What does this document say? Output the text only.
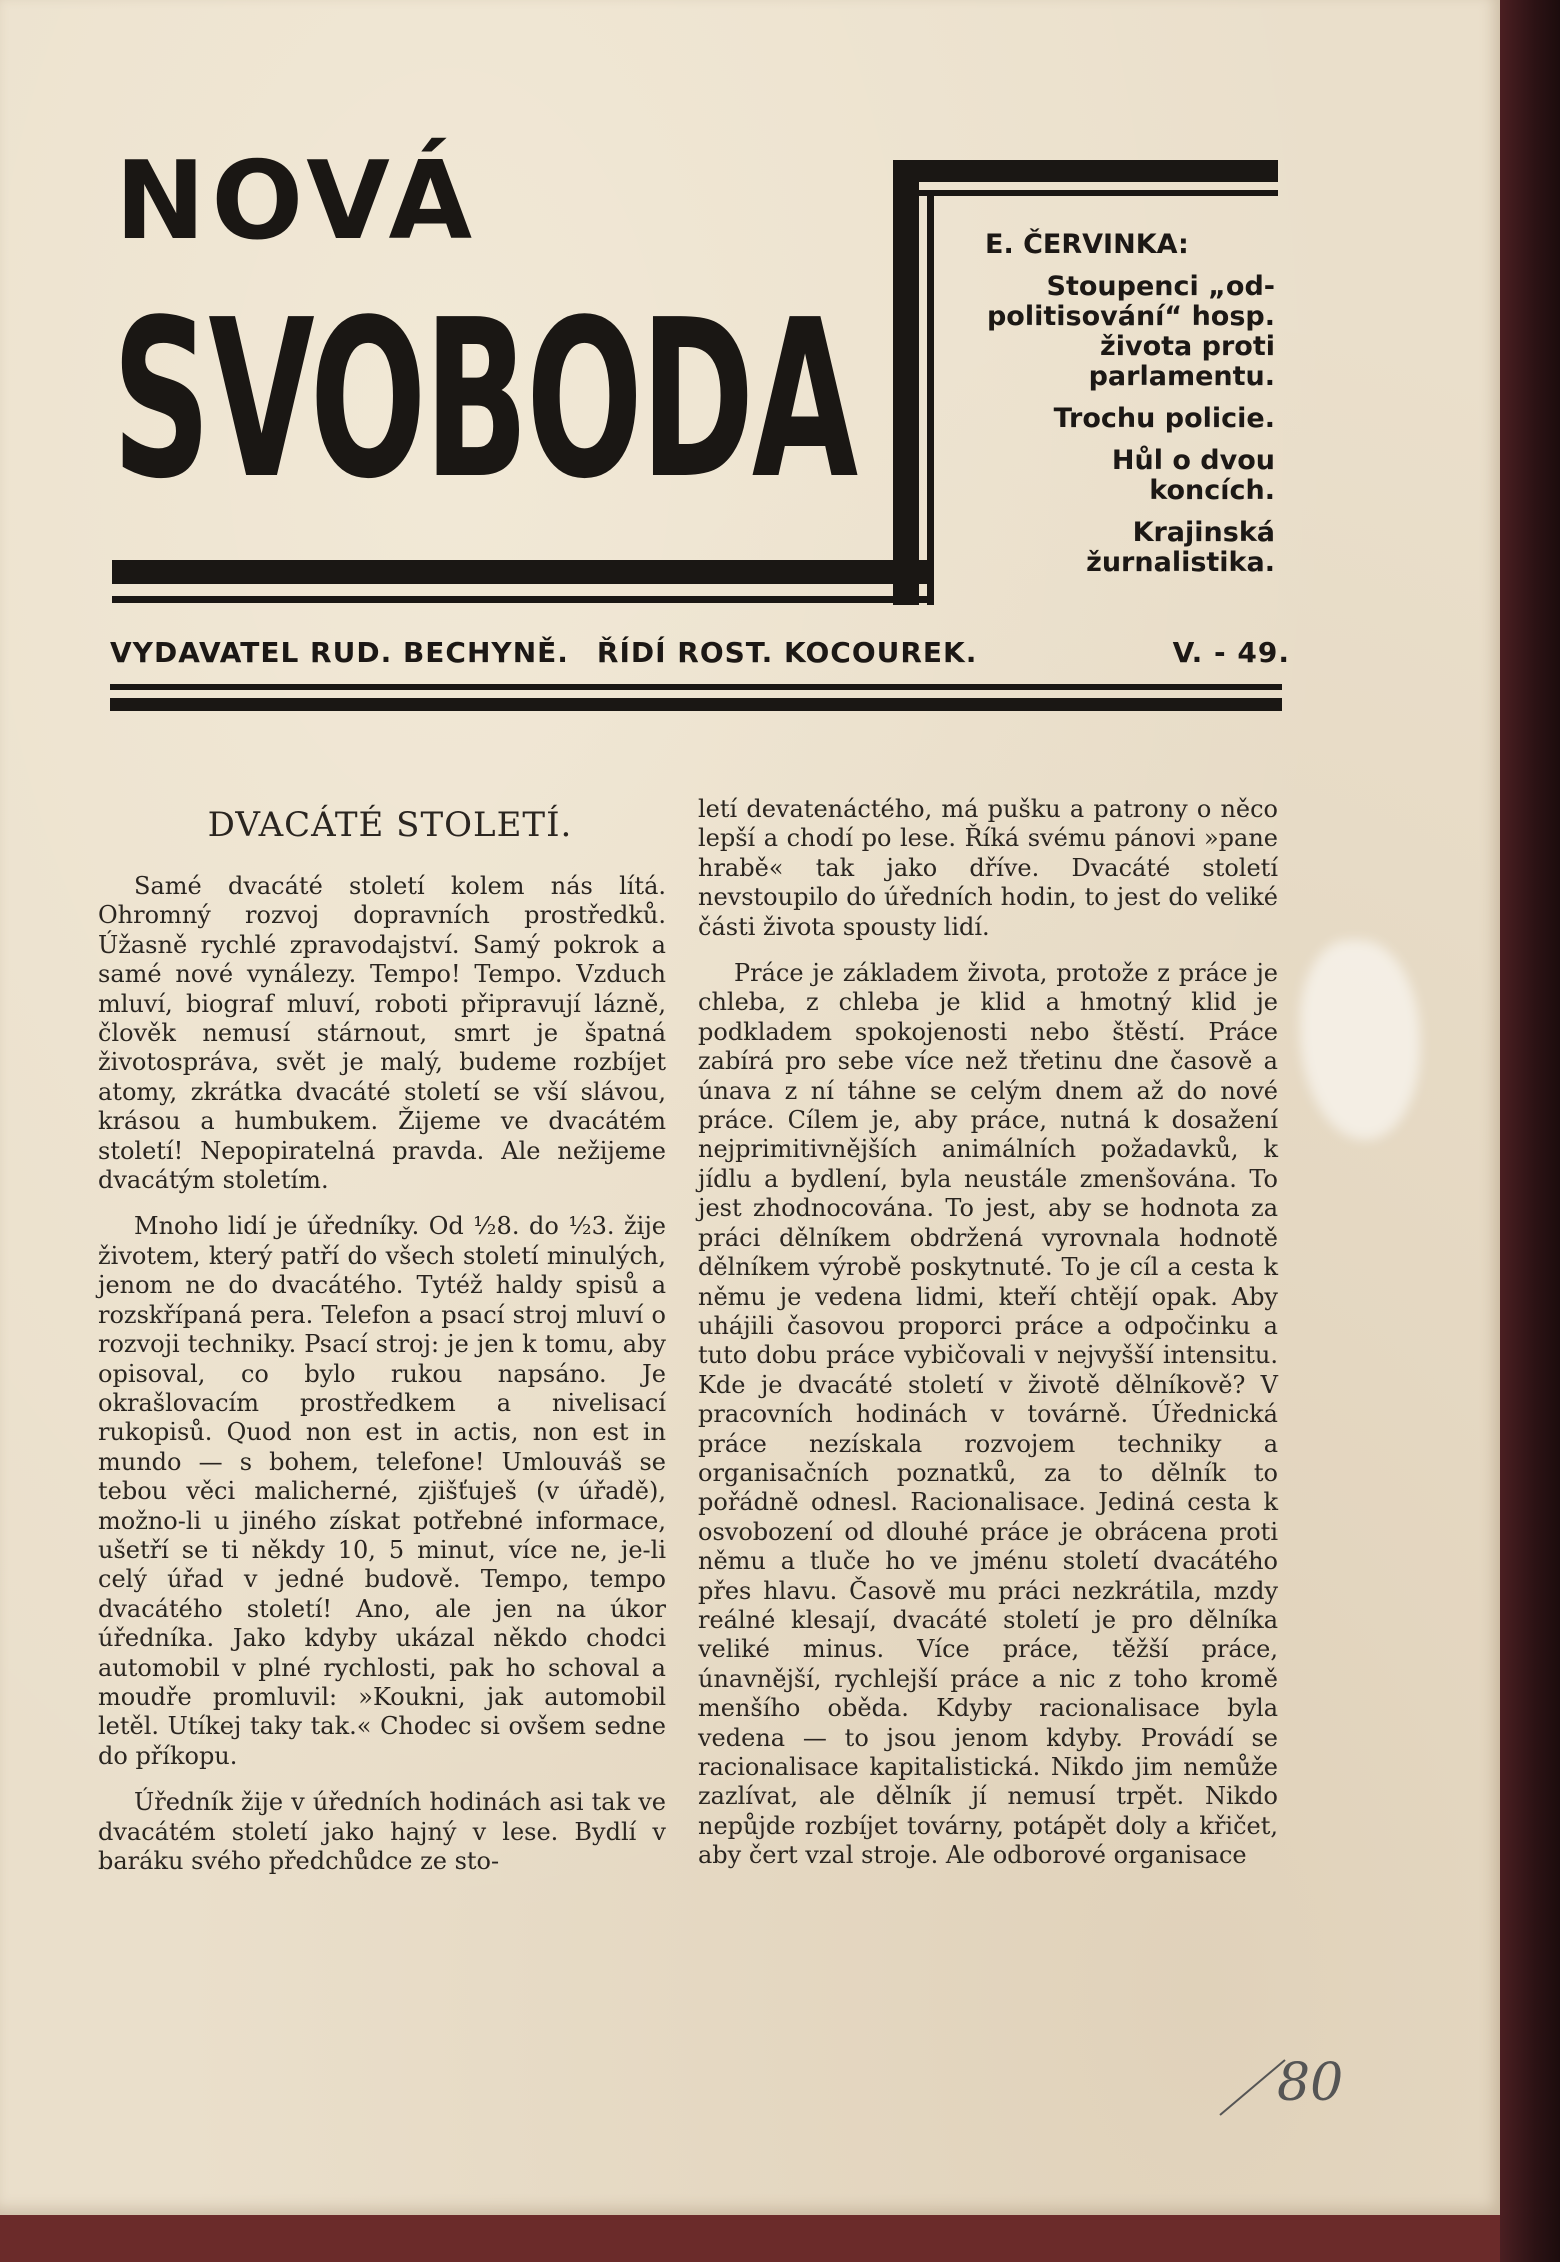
NOVÁ
SVOBODA
E. ČERVINKA:
Stoupenci „od-politisování“ hosp. života proti parlamentu.
Trochu policie.
Hůl o dvou koncích.
Krajinská žurnalistika.
VYDAVATEL RUD. BECHYNĚ. ŘÍDÍ ROST. KOCOUREK.	V. - 49.
DVACÁTÉ STOLETÍ.

Samé dvacáté století kolem nás lítá. Ohromný rozvoj dopravních prostředků. Úžasně rychlé zpravodajství. Samý pokrok a samé nové vynálezy. Tempo! Tempo. Vzduch mluví, biograf mluví, roboti připravují lázně, člověk nemusí stárnout, smrt je špatná životospráva, svět je malý, budeme rozbíjet atomy, zkrátka dvacáté století se vší slávou, krásou a humbukem. Žijeme ve dvacátém století! Nepopiratelná pravda. Ale nežijeme dvacátým stoletím.

Mnoho lidí je úředníky. Od ½8. do ½3. žije životem, který patří do všech století minulých, jenom ne do dvacátého. Tytéž haldy spisů a rozskřípaná pera. Telefon a psací stroj mluví o rozvoji techniky. Psací stroj: je jen k tomu, aby opisoval, co bylo rukou napsáno. Je okrašlovacím prostředkem a nivelisací rukopisů. Quod non est in actis, non est in mundo — s bohem, telefone! Umlouváš se tebou věci malicherné, zjišťuješ (v úřadě), možno-li u jiného získat potřebné informace, ušetří se ti někdy 10, 5 minut, více ne, je-li celý úřad v jedné budově. Tempo, tempo dvacátého století! Ano, ale jen na úkor úředníka. Jako kdyby ukázal někdo chodci automobil v plné rychlosti, pak ho schoval a moudře promluvil: »Koukni, jak automobil letěl. Utíkej taky tak.« Chodec si ovšem sedne do příkopu.

Úředník žije v úředních hodinách asi tak ve dvacátém století jako hajný v lese. Bydlí v baráku svého předchůdce ze sto-

letí devatenáctého, má pušku a patrony o něco lepší a chodí po lese. Říká svému pánovi »pane hrabě« tak jako dříve. Dvacáté století nevstoupilo do úředních hodin, to jest do veliké části života spousty lidí.

Práce je základem života, protože z práce je chleba, z chleba je klid a hmotný klid je podkladem spokojenosti nebo štěstí. Práce zabírá pro sebe více než třetinu dne časově a únava z ní táhne se celým dnem až do nové práce. Cílem je, aby práce, nutná k dosažení nejprimitivnějších animálních požadavků, k jídlu a bydlení, byla neustále zmenšována. To jest zhodnocována. To jest, aby se hodnota za práci dělníkem obdržená vyrovnala hodnotě dělníkem výrobě poskytnuté. To je cíl a cesta k němu je vedena lidmi, kteří chtějí opak. Aby uhájili časovou proporci práce a odpočinku a tuto dobu práce vybičovali v nejvyšší intensitu. Kde je dvacáté století v životě dělníkově? V pracovních hodinách v továrně. Úřednická práce nezískala rozvojem techniky a organisačních poznatků, za to dělník to pořádně odnesl. Racionalisace. Jediná cesta k osvobození od dlouhé práce je obrácena proti němu a tluče ho ve jménu století dvacátého přes hlavu. Časově mu práci nezkrátila, mzdy reálné klesají, dvacáté století je pro dělníka veliké minus. Více práce, těžší práce, únavnější, rychlejší práce a nic z toho kromě menšího oběda. Kdyby racionalisace byla vedena — to jsou jenom kdyby. Provádí se racionalisace kapitalistická. Nikdo jim nemůže zazlívat, ale dělník jí nemusí trpět. Nikdo nepůjde rozbíjet továrny, potápět doly a křičet, aby čert vzal stroje. Ale odborové organisace

80
